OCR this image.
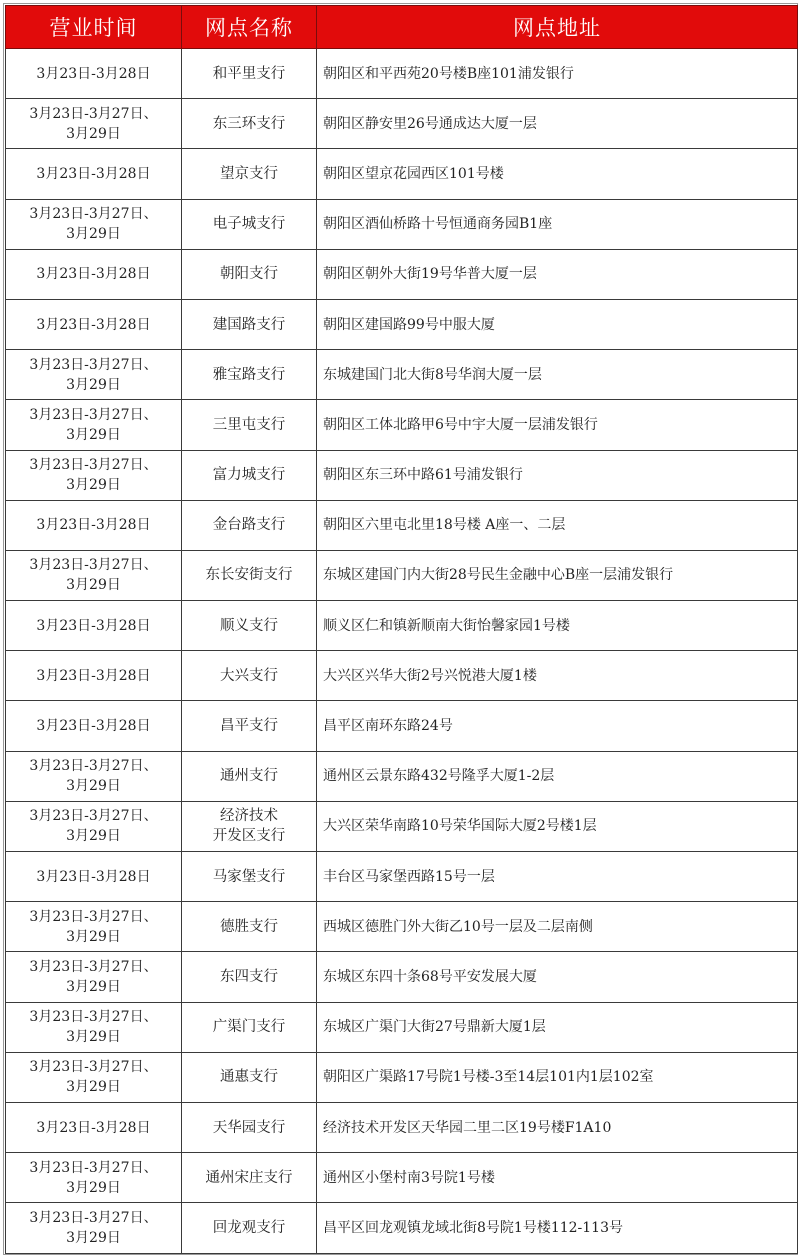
营业时间	网点名称	网点地址

3月23日-3月28日	和平里支行	朝阳区和平西苑20号楼B座101浦发银行

3月23日-3月27日、
3月29日	东三环支行	朝阳区静安里26号通成达大厦一层

3月23日-3月28日	望京支行	朝阳区望京花园西区101号楼

3月23日-3月27日、
3月29日	电子城支行	朝阳区酒仙桥路十号恒通商务园B1座

3月23日-3月28日	朝阳支行	朝阳区朝外大街19号华普大厦一层

3月23日-3月28日	建国路支行	朝阳区建国路99号中服大厦

3月23日-3月27日、
3月29日	雅宝路支行	东城建国门北大街8号华润大厦一层

3月23日-3月27日、
3月29日	三里屯支行	朝阳区工体北路甲6号中宇大厦一层浦发银行

3月23日-3月27日、
3月29日	富力城支行	朝阳区东三环中路61号浦发银行

3月23日-3月28日	金台路支行	朝阳区六里屯北里18号楼 A座一、二层

3月23日-3月27日、
3月29日	东长安街支行	东城区建国门内大街28号民生金融中心B座一层浦发银行

3月23日-3月28日	顺义支行	顺义区仁和镇新顺南大街怡馨家园1号楼

3月23日-3月28日	大兴支行	大兴区兴华大街2号兴悦港大厦1楼

3月23日-3月28日	昌平支行	昌平区南环东路24号

3月23日-3月27日、
3月29日	通州支行	通州区云景东路432号隆孚大厦1-2层

3月23日-3月27日、
3月29日	经济技术
开发区支行	大兴区荣华南路10号荣华国际大厦2号楼1层

3月23日-3月28日	马家堡支行	丰台区马家堡西路15号一层

3月23日-3月27日、
3月29日	德胜支行	西城区德胜门外大街乙10号一层及二层南侧

3月23日-3月27日、
3月29日	东四支行	东城区东四十条68号平安发展大厦

3月23日-3月27日、
3月29日	广渠门支行	东城区广渠门大街27号鼎新大厦1层

3月23日-3月27日、
3月29日	通惠支行	朝阳区广渠路17号院1号楼-3至14层101内1层102室

3月23日-3月28日	天华园支行	经济技术开发区天华园二里二区19号楼F1A10

3月23日-3月27日、
3月29日	通州宋庄支行	通州区小堡村南3号院1号楼

3月23日-3月27日、
3月29日	回龙观支行	昌平区回龙观镇龙域北街8号院1号楼112-113号
